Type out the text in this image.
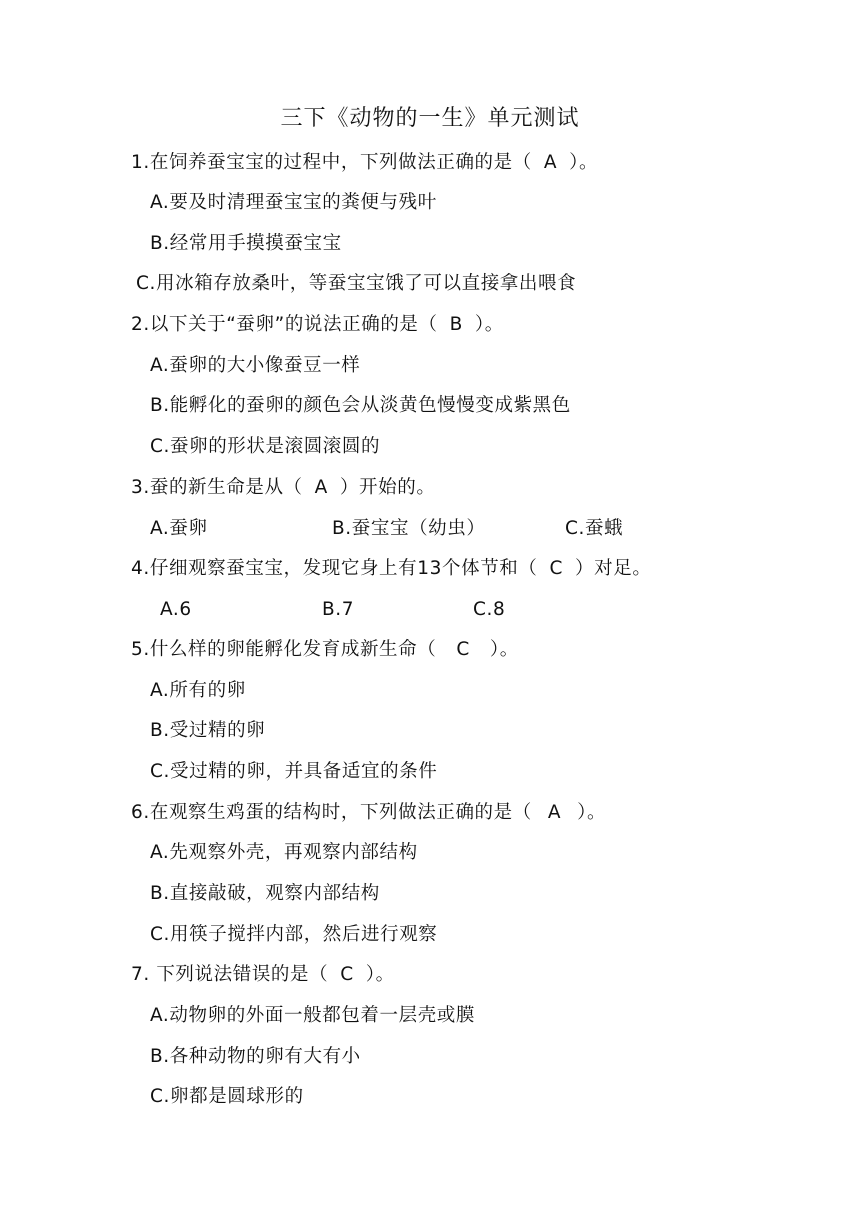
三下《动物的一生》单元测试
1.在饲养蚕宝宝的过程中，下列做法正确的是（ A ）。
A.要及时清理蚕宝宝的粪便与残叶
B.经常用手摸摸蚕宝宝
C.用冰箱存放桑叶，等蚕宝宝饿了可以直接拿出喂食
2.以下关于“蚕卵”的说法正确的是（ B ）。
A.蚕卵的大小像蚕豆一样
B.能孵化的蚕卵的颜色会从淡黄色慢慢变成紫黑色
C.蚕卵的形状是滚圆滚圆的
3.蚕的新生命是从（ A ）开始的。
A.蚕卵	B.蚕宝宝（幼虫）	C.蚕蛾
4.仔细观察蚕宝宝，发现它身上有13个体节和（ C ）对足。
A.6	B.7	C.8
5.什么样的卵能孵化发育成新生命（ C ）。
A.所有的卵
B.受过精的卵
C.受过精的卵，并具备适宜的条件
6.在观察生鸡蛋的结构时，下列做法正确的是（ A ）。
A.先观察外壳，再观察内部结构
B.直接敲破，观察内部结构
C.用筷子搅拌内部，然后进行观察
7. 下列说法错误的是（ C ）。
A.动物卵的外面一般都包着一层壳或膜
B.各种动物的卵有大有小
C.卵都是圆球形的
